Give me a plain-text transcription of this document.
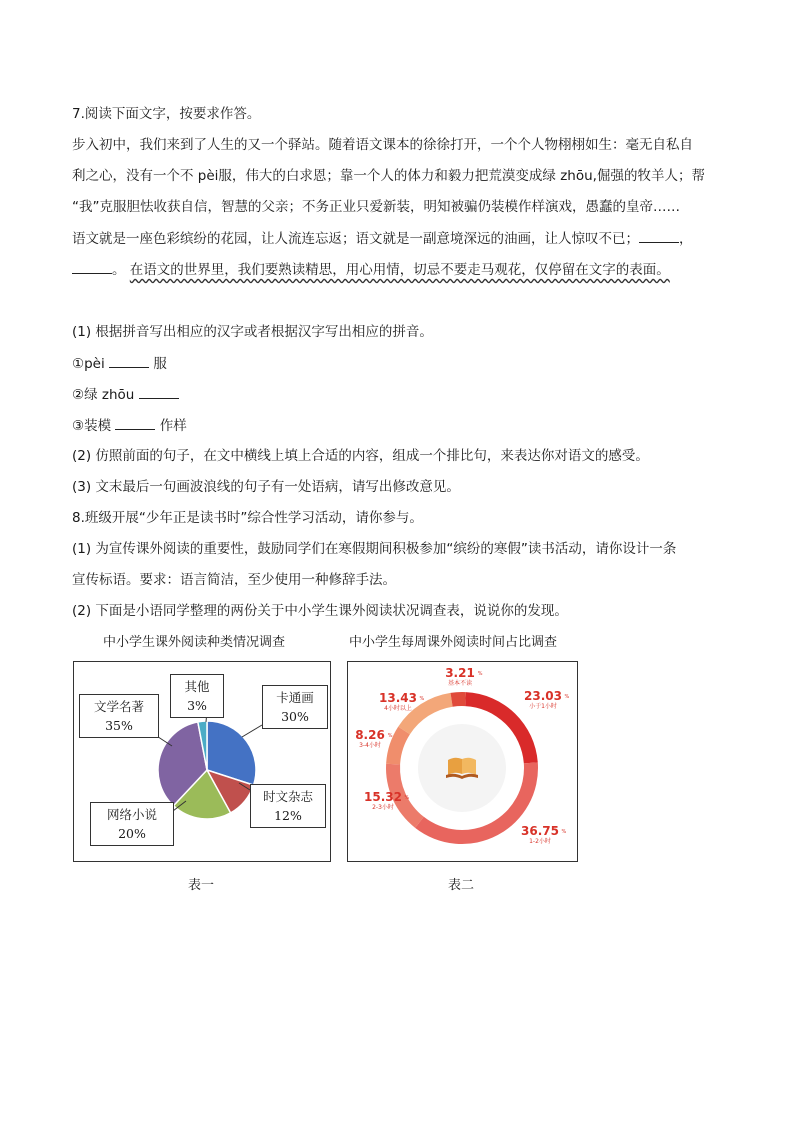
7.阅读下面文字，按要求作答。
步入初中，我们来到了人生的又一个驿站。随着语文课本的徐徐打开，一个个人物栩栩如生：毫无自私自
利之心，没有一个不 pèi服，伟大的白求恩；靠一个人的体力和毅力把荒漠变成绿 zhōu,倔强的牧羊人；帮
“我”克服胆怯收获自信，智慧的父亲；不务正业只爱新装，明知被骗仍装模作样演戏，愚蠢的皇帝……
语文就是一座色彩缤纷的花园，让人流连忘返；语文就是一副意境深远的油画，让人惊叹不已；	，
。 在语文的世界里，我们要熟读精思，用心用情，切忌不要走马观花，仅停留在文字的表面。
(1) 根据拼音写出相应的汉字或者根据汉字写出相应的拼音。
①pèi	服
②绿 zhōu
③装模	作样
(2) 仿照前面的句子，在文中横线上填上合适的内容，组成一个排比句，来表达你对语文的感受。
(3) 文末最后一句画波浪线的句子有一处语病，请写出修改意见。
8.班级开展“少年正是读书时”综合性学习活动，请你参与。
(1) 为宣传课外阅读的重要性，鼓励同学们在寒假期间积极参加“缤纷的寒假”读书活动，请你设计一条
宣传标语。要求：语言简洁，至少使用一种修辞手法。
(2) 下面是小语同学整理的两份关于中小学生课外阅读状况调查表，说说你的发现。
中小学生课外阅读种类情况调查
其他
3%
卡通画
30%
时文杂志
12%
网络小说
20%
文学名著
35%
表一
中小学生每周课外阅读时间占比调查
23.03 %
小于1小时
36.75 %
1-2小时
15.32 %
2-3小时
8.26 %
3-4小时
13.43 %
4小时以上
3.21 %
基本不读
表二
